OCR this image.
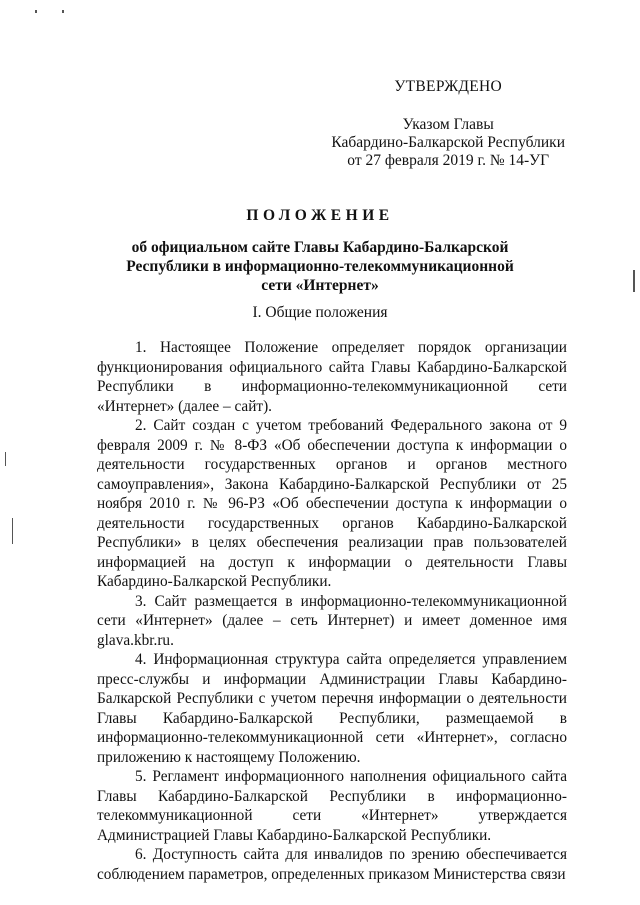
УТВЕРЖДЕНО
Указом Главы
Кабардино-Балкарской Республики
от 27 февраля 2019 г. № 14-УГ
ПОЛОЖЕНИЕ
об официальном сайте Главы Кабардино-Балкарской
Республики в информационно-телекоммуникационной
сети «Интернет»
I. Общие положения

1. Настоящее Положение определяет порядок организации функционирования официального сайта Главы Кабардино-Балкарской Республики в информационно-телекоммуникационной сети «Интернет» (далее – сайт).

2. Сайт создан с учетом требований Федерального закона от 9 февраля 2009 г. № 8-ФЗ «Об обеспечении доступа к информации о деятельности государственных органов и органов местного самоуправления», Закона Кабардино-Балкарской Республики от 25 ноября 2010 г. № 96-РЗ «Об обеспечении доступа к информации о деятельности государственных органов Кабардино-Балкарской Республики» в целях обеспечения реализации прав пользователей информацией на доступ к информации о деятельности Главы Кабардино-Балкарской Республики.

3. Сайт размещается в информационно-телекоммуникационной сети «Интернет» (далее – сеть Интернет) и имеет доменное имя glava.kbr.ru.

4. Информационная структура сайта определяется управлением пресс-службы и информации Администрации Главы Кабардино-Балкарской Республики с учетом перечня информации о деятельности Главы Кабардино-Балкарской Республики, размещаемой в информационно-телекоммуникационной сети «Интернет», согласно приложению к настоящему Положению.

5. Регламент информационного наполнения официального сайта Главы Кабардино-Балкарской Республики в информационно-телекоммуникационной сети «Интернет» утверждается Администрацией Главы Кабардино-Балкарской Республики.

6. Доступность сайта для инвалидов по зрению обеспечивается соблюдением параметров, определенных приказом Министерства связи
